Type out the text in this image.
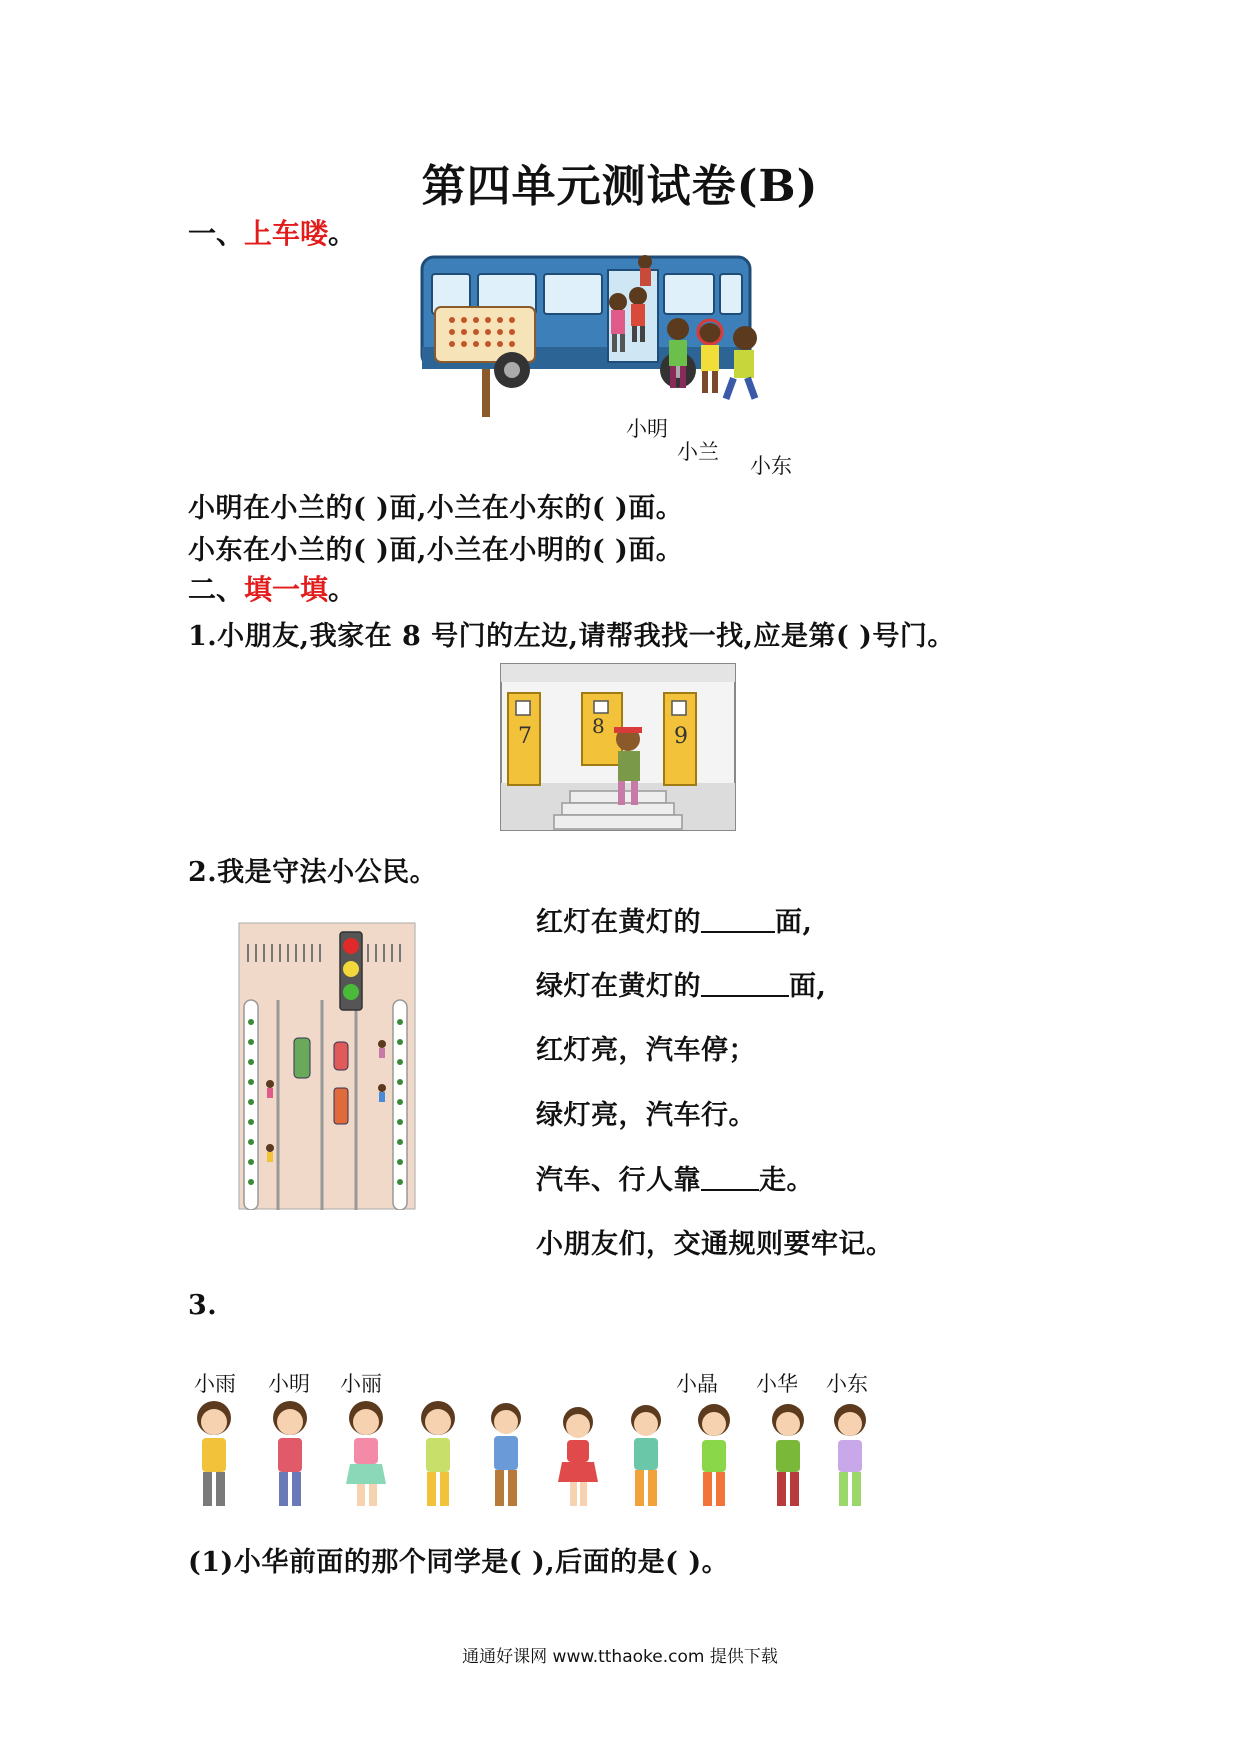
第四单元测试卷(B)
一、上车喽。
小明
小兰
小东
小明在小兰的( )面,小兰在小东的( )面。
小东在小兰的( )面,小兰在小明的( )面。
二、填一填。
1.小朋友,我家在 8 号门的左边,请帮我找一找,应是第( )号门。
7	8	9
2.我是守法小公民。
红灯在黄灯的	面,
绿灯在黄灯的	面,
红灯亮，汽车停；
绿灯亮，汽车行。
汽车、行人靠 走。
小朋友们，交通规则要牢记。
3.
小雨 小明 小丽	小晶 小华 小东
(1)小华前面的那个同学是( ),后面的是( )。
通通好课网 www.tthaoke.com 提供下载
